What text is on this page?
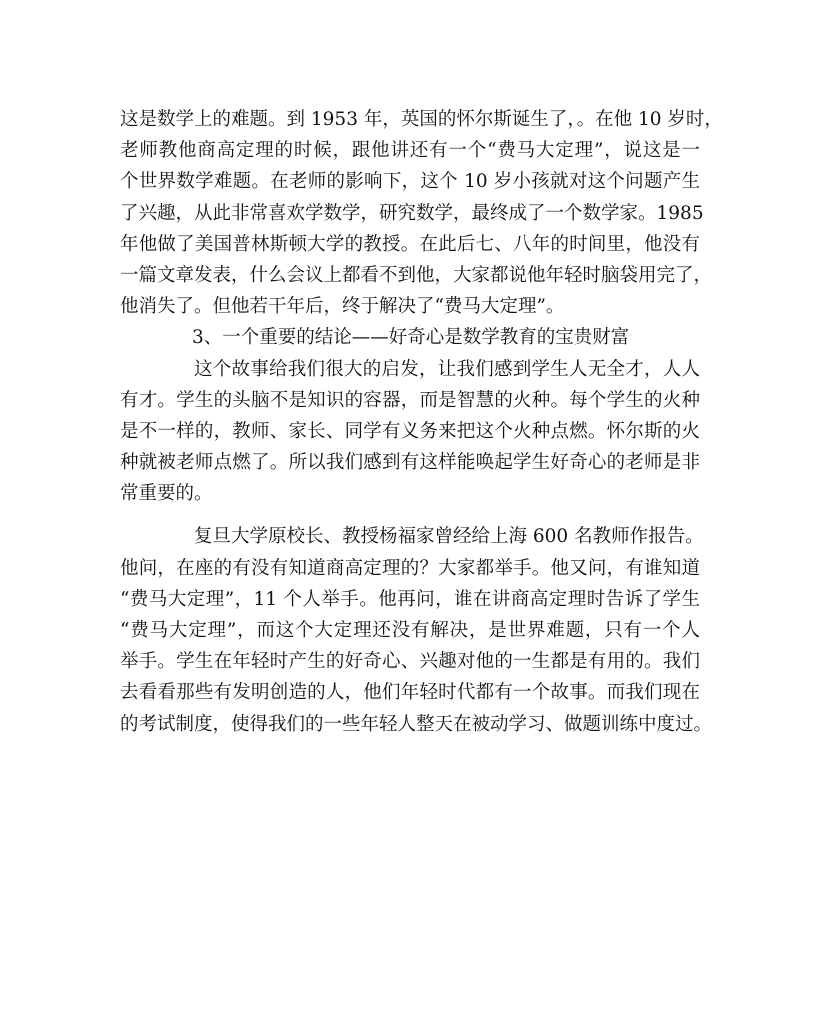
这是数学上的难题。到 1953 年，英国的怀尔斯诞生了，。在他 10 岁时，
老师教他商高定理的时候，跟他讲还有一个“费马大定理”，说这是一
个世界数学难题。在老师的影响下，这个 10 岁小孩就对这个问题产生
了兴趣，从此非常喜欢学数学，研究数学，最终成了一个数学家。1985
年他做了美国普林斯顿大学的教授。在此后七、八年的时间里，他没有
一篇文章发表，什么会议上都看不到他，大家都说他年轻时脑袋用完了，
他消失了。但他若干年后，终于解决了“费马大定理”。
3、一个重要的结论——好奇心是数学教育的宝贵财富
这个故事给我们很大的启发，让我们感到学生人无全才，人人
有才。学生的头脑不是知识的容器，而是智慧的火种。每个学生的火种
是不一样的，教师、家长、同学有义务来把这个火种点燃。怀尔斯的火
种就被老师点燃了。所以我们感到有这样能唤起学生好奇心的老师是非
常重要的。
复旦大学原校长、教授杨福家曾经给上海 600 名教师作报告。
他问，在座的有没有知道商高定理的？大家都举手。他又问，有谁知道
“费马大定理”，11 个人举手。他再问，谁在讲商高定理时告诉了学生
“费马大定理”，而这个大定理还没有解决，是世界难题，只有一个人
举手。学生在年轻时产生的好奇心、兴趣对他的一生都是有用的。我们
去看看那些有发明创造的人，他们年轻时代都有一个故事。而我们现在
的考试制度，使得我们的一些年轻人整天在被动学习、做题训练中度过。
